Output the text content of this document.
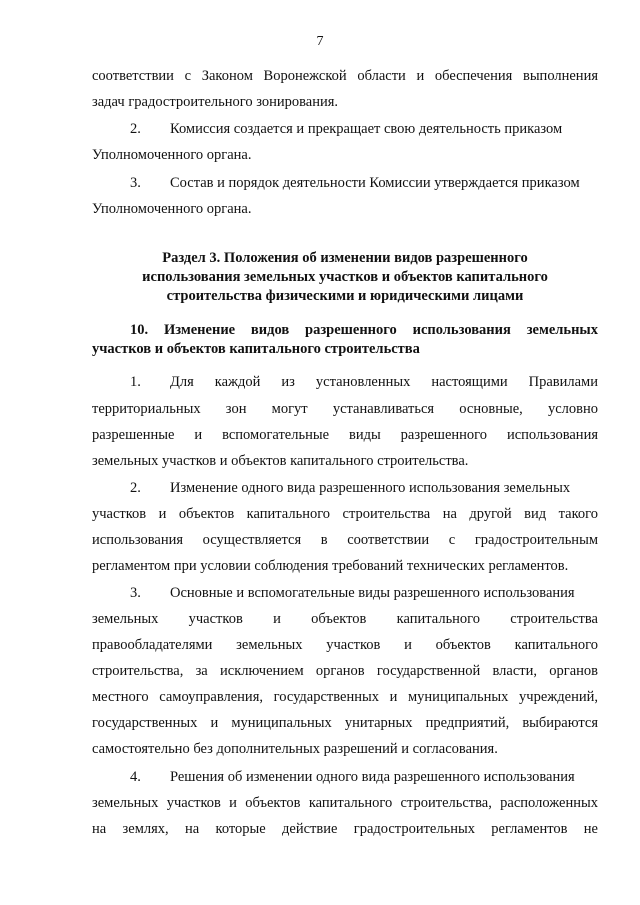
7
соответствии с Законом Воронежской области и обеспечения выполнения
задач градостроительного зонирования.
2. Комиссия создается и прекращает свою деятельность приказом
Уполномоченного органа.
3. Состав и порядок деятельности Комиссии утверждается приказом
Уполномоченного органа.
Раздел 3. Положения об изменении видов разрешенного
использования земельных участков и объектов капитального
строительства физическими и юридическими лицами
10. Изменение видов разрешенного использования земельных
участков и объектов капитального строительства
1. Для каждой из установленных настоящими Правилами
территориальных зон могут устанавливаться основные, условно
разрешенные и вспомогательные виды разрешенного использования
земельных участков и объектов капитального строительства.
2. Изменение одного вида разрешенного использования земельных
участков и объектов капитального строительства на другой вид такого
использования осуществляется в соответствии с градостроительным
регламентом при условии соблюдения требований технических регламентов.
3. Основные и вспомогательные виды разрешенного использования
земельных участков и объектов капитального строительства
правообладателями земельных участков и объектов капитального
строительства, за исключением органов государственной власти, органов
местного самоуправления, государственных и муниципальных учреждений,
государственных и муниципальных унитарных предприятий, выбираются
самостоятельно без дополнительных разрешений и согласования.
4. Решения об изменении одного вида разрешенного использования
земельных участков и объектов капитального строительства, расположенных
на землях, на которые действие градостроительных регламентов не
